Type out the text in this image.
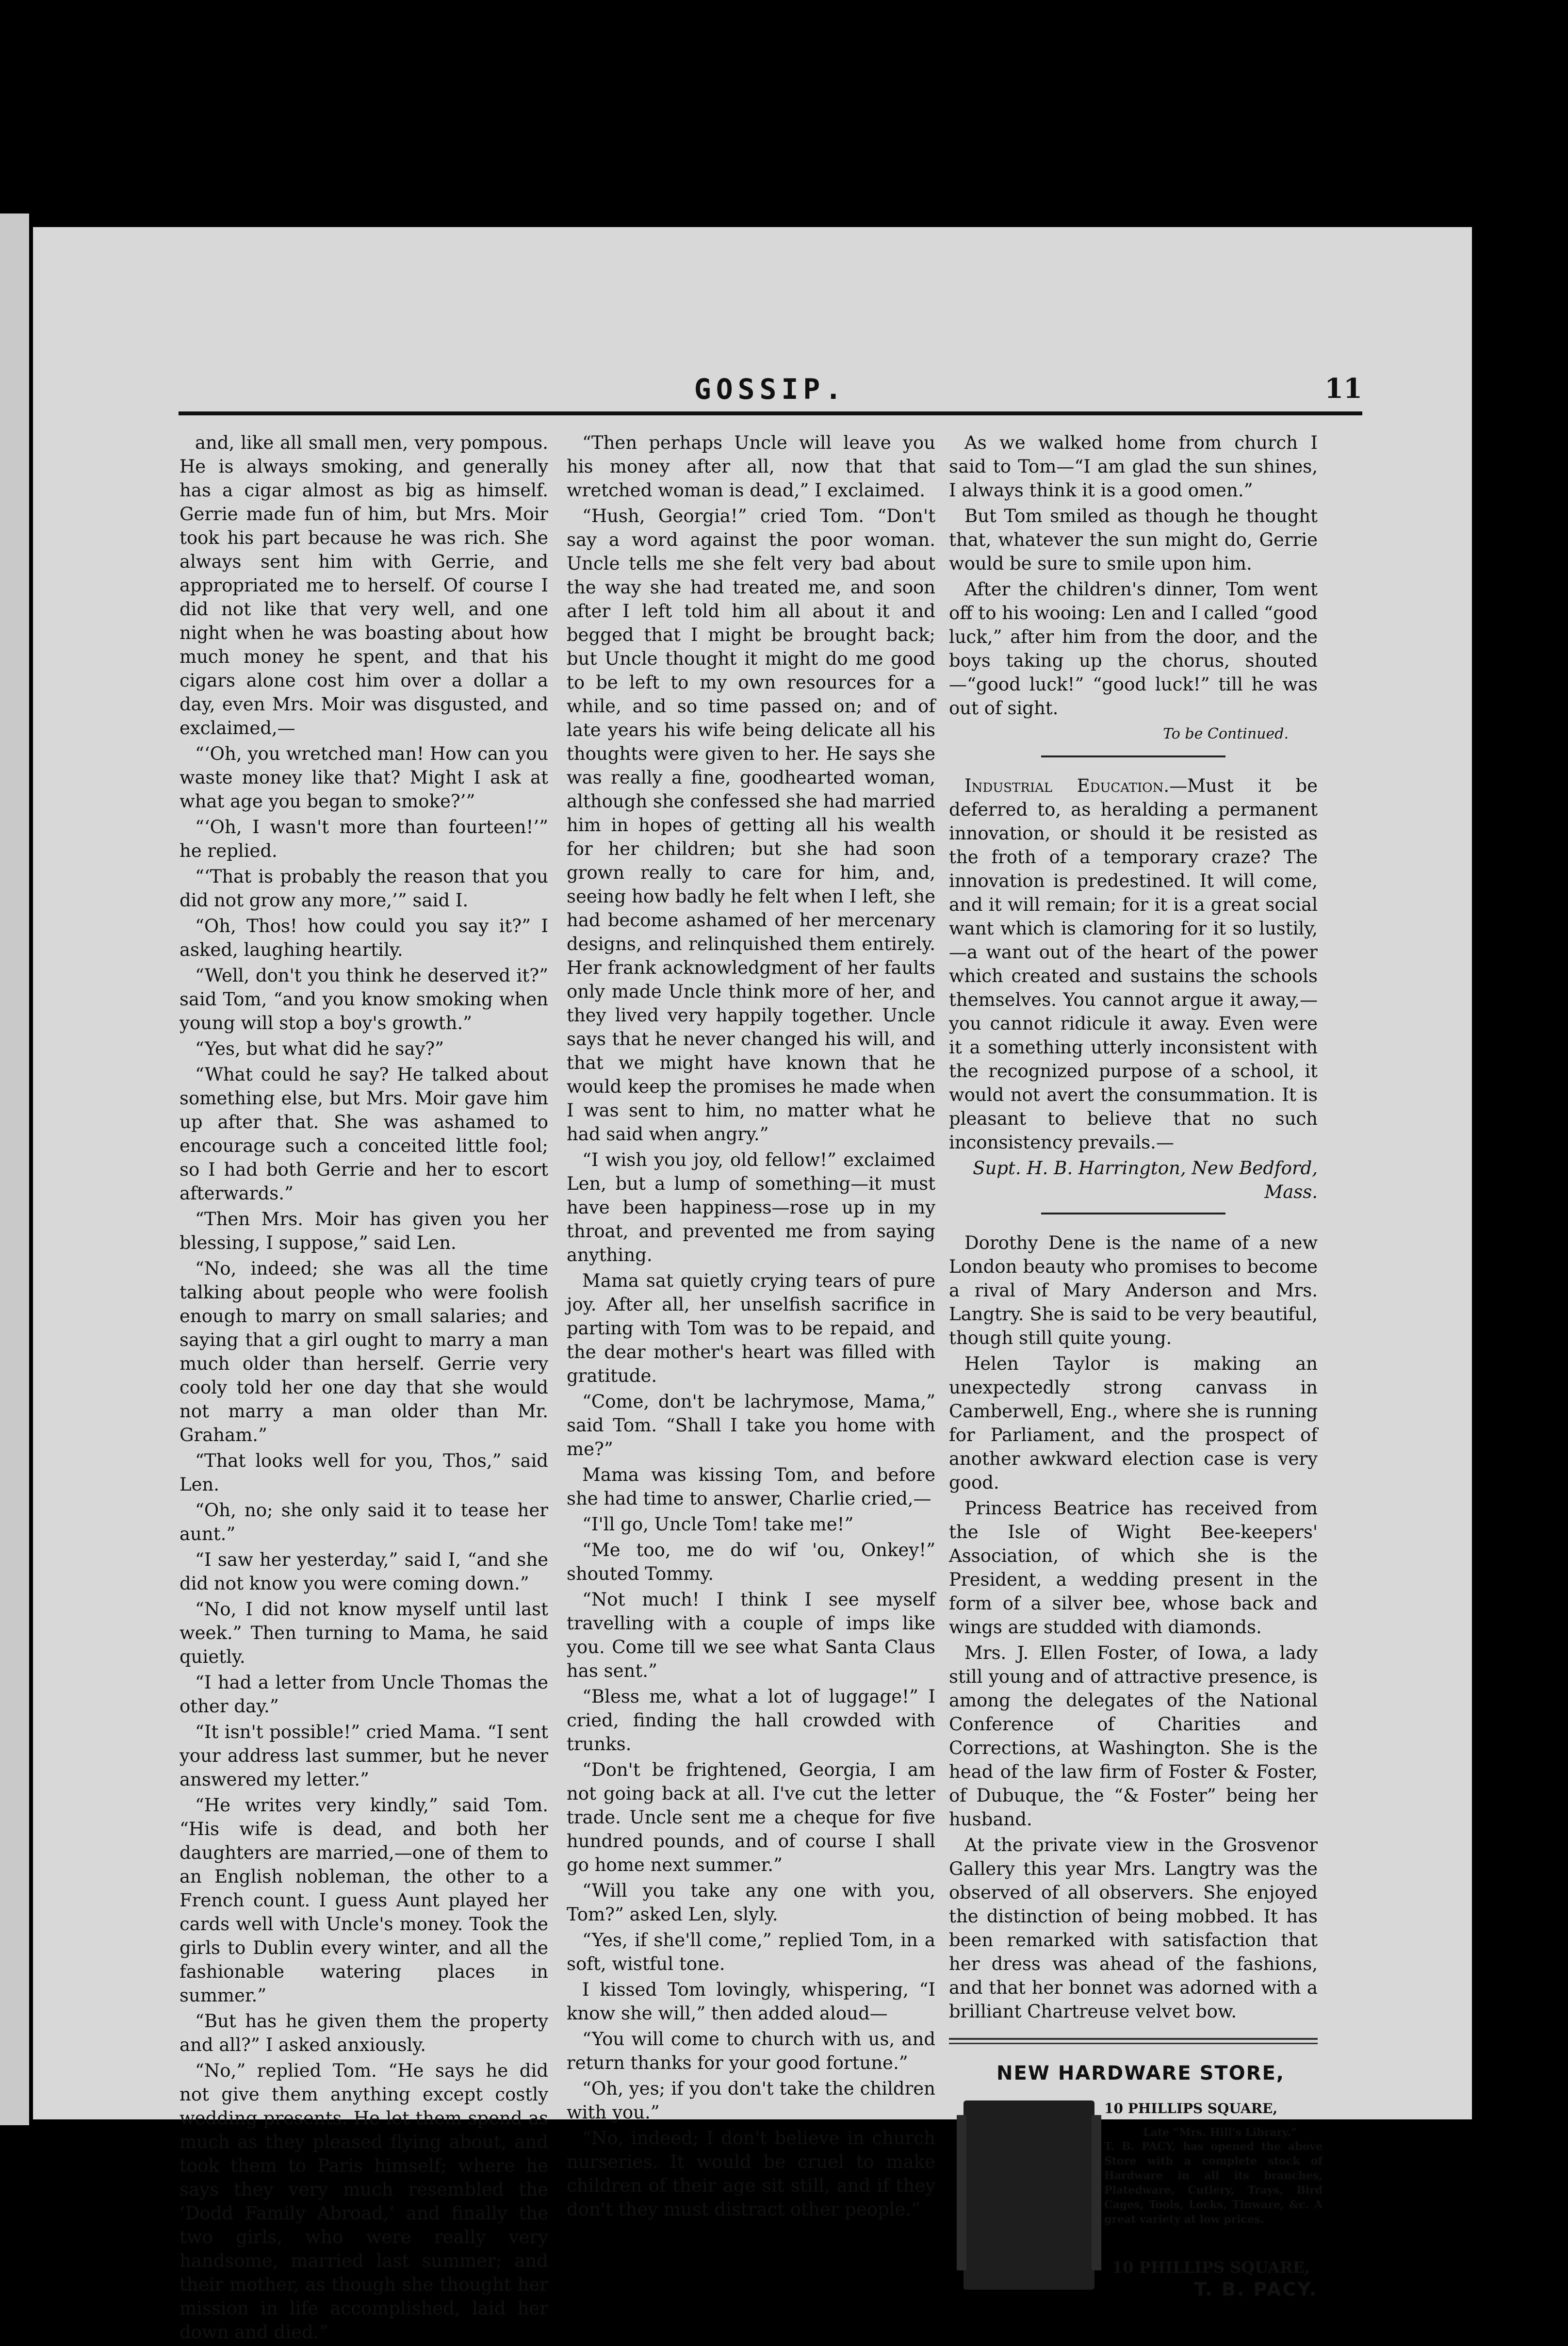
GOSSIP.	11

and, like all small men, very pompous. He is always smoking, and generally has a cigar almost as big as himself. Gerrie made fun of him, but Mrs. Moir took his part because he was rich. She always sent him with Gerrie, and appropriated me to herself. Of course I did not like that very well, and one night when he was boasting about how much money he spent, and that his cigars alone cost him over a dollar a day, even Mrs. Moir was disgusted, and exclaimed,—

“‘Oh, you wretched man! How can you waste money like that? Might I ask at what age you began to smoke?’”

“‘Oh, I wasn't more than fourteen!’” he replied.

“‘That is probably the reason that you did not grow any more,’” said I.

“Oh, Thos! how could you say it?” I asked, laughing heartily.

“Well, don't you think he deserved it?” said Tom, “and you know smoking when young will stop a boy's growth.”

“Yes, but what did he say?”

“What could he say? He talked about something else, but Mrs. Moir gave him up after that. She was ashamed to encourage such a conceited little fool; so I had both Gerrie and her to escort afterwards.”

“Then Mrs. Moir has given you her blessing, I suppose,” said Len.

“No, indeed; she was all the time talking about people who were foolish enough to marry on small salaries; and saying that a girl ought to marry a man much older than herself. Gerrie very cooly told her one day that she would not marry a man older than Mr. Graham.”

“That looks well for you, Thos,” said Len.

“Oh, no; she only said it to tease her aunt.”

“I saw her yesterday,” said I, “and she did not know you were coming down.”

“No, I did not know myself until last week.” Then turning to Mama, he said quietly.

“I had a letter from Uncle Thomas the other day.”

“It isn't possible!” cried Mama. “I sent your address last summer, but he never answered my letter.”

“He writes very kindly,” said Tom. “His wife is dead, and both her daughters are married,—one of them to an English nobleman, the other to a French count. I guess Aunt played her cards well with Uncle's money. Took the girls to Dublin every winter, and all the fashionable watering places in summer.”

“But has he given them the property and all?” I asked anxiously.

“No,” replied Tom. “He says he did not give them anything except costly wedding presents. He let them spend as much as they pleased flying about, and took them to Paris himself; where he says they very much resembled the ‘Dodd Family Abroad,’ and finally the two girls, who were really very handsome, married last summer; and their mother, as though she thought her mission in life accomplished, laid her down and died.”

“Then perhaps Uncle will leave you his money after all, now that that wretched woman is dead,” I exclaimed.

“Hush, Georgia!” cried Tom. “Don't say a word against the poor woman. Uncle tells me she felt very bad about the way she had treated me, and soon after I left told him all about it and begged that I might be brought back; but Uncle thought it might do me good to be left to my own resources for a while, and so time passed on; and of late years his wife being delicate all his thoughts were given to her. He says she was really a fine, goodhearted woman, although she confessed she had married him in hopes of getting all his wealth for her children; but she had soon grown really to care for him, and, seeing how badly he felt when I left, she had become ashamed of her mercenary designs, and relinquished them entirely. Her frank acknowledgment of her faults only made Uncle think more of her, and they lived very happily together. Uncle says that he never changed his will, and that we might have known that he would keep the promises he made when I was sent to him, no matter what he had said when angry.”

“I wish you joy, old fellow!” exclaimed Len, but a lump of something—it must have been happiness—rose up in my throat, and prevented me from saying anything.

Mama sat quietly crying tears of pure joy. After all, her unselfish sacrifice in parting with Tom was to be repaid, and the dear mother's heart was filled with gratitude.

“Come, don't be lachrymose, Mama,” said Tom. “Shall I take you home with me?”

Mama was kissing Tom, and before she had time to answer, Charlie cried,—

“I'll go, Uncle Tom! take me!”

“Me too, me do wif 'ou, Onkey!” shouted Tommy.

“Not much! I think I see myself travelling with a couple of imps like you. Come till we see what Santa Claus has sent.”

“Bless me, what a lot of luggage!” I cried, finding the hall crowded with trunks.

“Don't be frightened, Georgia, I am not going back at all. I've cut the letter trade. Uncle sent me a cheque for five hundred pounds, and of course I shall go home next summer.”

“Will you take any one with you, Tom?” asked Len, slyly.

“Yes, if she'll come,” replied Tom, in a soft, wistful tone.

I kissed Tom lovingly, whispering, “I know she will,” then added aloud—

“You will come to church with us, and return thanks for your good fortune.”

“Oh, yes; if you don't take the children with you.”

“No, indeed; I don't believe in church nurseries. It would be cruel to make children of their age sit still, and if they don't they must distract other people.”

As we walked home from church I said to Tom—“I am glad the sun shines, I always think it is a good omen.”

But Tom smiled as though he thought that, whatever the sun might do, Gerrie would be sure to smile upon him.

After the children's dinner, Tom went off to his wooing: Len and I called “good luck,” after him from the door, and the boys taking up the chorus, shouted—“good luck!” “good luck!” till he was out of sight.

To be Continued.

Industrial Education.—Must it be deferred to, as heralding a permanent innovation, or should it be resisted as the froth of a temporary craze? The innovation is predestined. It will come, and it will remain; for it is a great social want which is clamoring for it so lustily,—a want out of the heart of the power which created and sustains the schools themselves. You cannot argue it away,—you cannot ridicule it away. Even were it a something utterly inconsistent with the recognized purpose of a school, it would not avert the consummation. It is pleasant to believe that no such inconsistency prevails.—

Supt. H. B. Harrington, New Bedford, Mass.

Dorothy Dene is the name of a new London beauty who promises to become a rival of Mary Anderson and Mrs. Langtry. She is said to be very beautiful, though still quite young.

Helen Taylor is making an unexpectedly strong canvass in Camberwell, Eng., where she is running for Parliament, and the prospect of another awkward election case is very good.

Princess Beatrice has received from the Isle of Wight Bee-keepers' Association, of which she is the President, a wedding present in the form of a silver bee, whose back and wings are studded with diamonds.

Mrs. J. Ellen Foster, of Iowa, a lady still young and of attractive presence, is among the delegates of the National Conference of Charities and Corrections, at Washington. She is the head of the law firm of Foster & Foster, of Dubuque, the “& Foster” being her husband.

At the private view in the Grosvenor Gallery this year Mrs. Langtry was the observed of all observers. She enjoyed the distinction of being mobbed. It has been remarked with satisfaction that her dress was ahead of the fashions, and that her bonnet was adorned with a brilliant Chartreuse velvet bow.

NEW HARDWARE STORE,
10 PHILLIPS SQUARE,
Late “Mrs. Hill's Library.”
T. B. PACY, has opened the above Store with a complete stock of Hardware in all its branches, Platedware, Cutlery, Trays, Bird Cages, Tools, Locks, Tinware, &c. A great variety at low prices.
10 PHILLIPS SQUARE,
T. B. PACY.
